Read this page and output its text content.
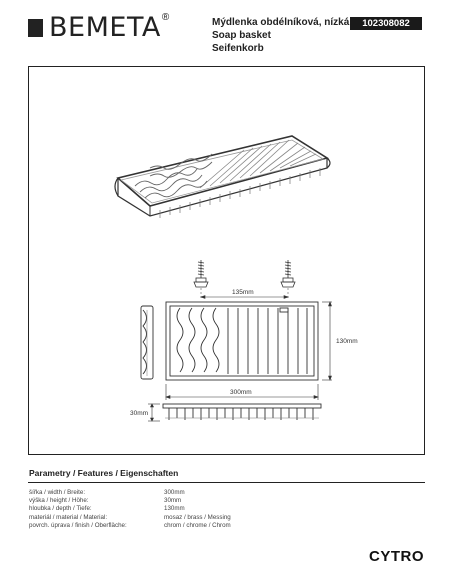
BEMETA ®	Mýdlenka obdélníková, nízká
Soap basket
Seifenkorb
102308082
135mm
130mm
300mm
30mm
Parametry / Features / Eigenschaften
šířka / width / Breite:	300mm
výška / height / Höhe:	30mm
hloubka / depth / Tiefe:	130mm
materiál / material / Material:	mosaz / brass / Messing
povrch. úprava / finish / Oberfläche:	chrom / chrome / Chrom
CYTRO
